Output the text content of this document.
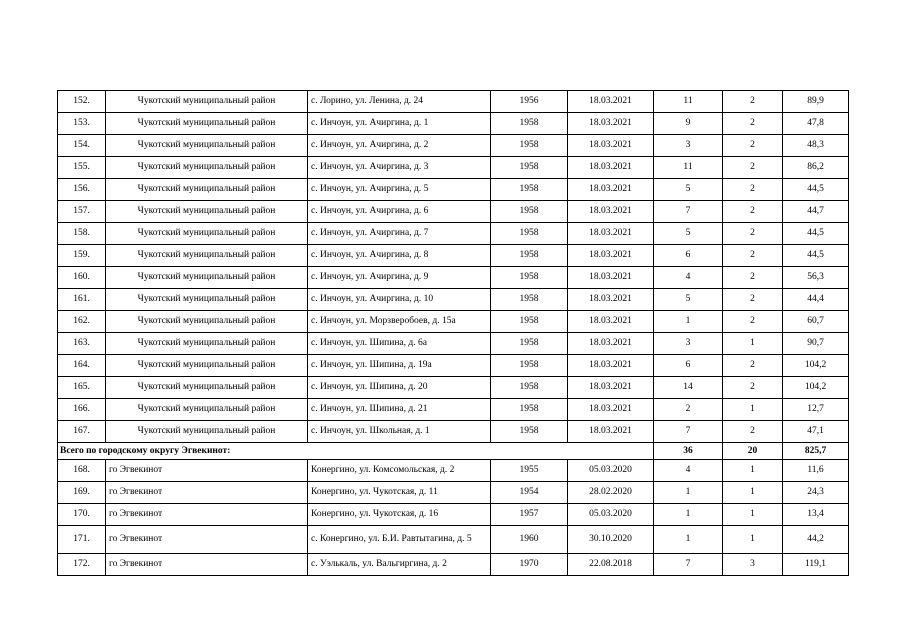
152.	Чукотский муниципальный район	с. Лорино, ул. Ленина, д. 24	1956	18.03.2021	11	2	89,9
153.	Чукотский муниципальный район	с. Инчоун, ул. Ачиргина, д. 1	1958	18.03.2021	9	2	47,8
154.	Чукотский муниципальный район	с. Инчоун, ул. Ачиргина, д. 2	1958	18.03.2021	3	2	48,3
155.	Чукотский муниципальный район	с. Инчоун, ул. Ачиргина, д. 3	1958	18.03.2021	11	2	86,2
156.	Чукотский муниципальный район	с. Инчоун, ул. Ачиргина, д. 5	1958	18.03.2021	5	2	44,5
157.	Чукотский муниципальный район	с. Инчоун, ул. Ачиргина, д. 6	1958	18.03.2021	7	2	44,7
158.	Чукотский муниципальный район	с. Инчоун, ул. Ачиргина, д. 7	1958	18.03.2021	5	2	44,5
159.	Чукотский муниципальный район	с. Инчоун, ул. Ачиргина, д. 8	1958	18.03.2021	6	2	44,5
160.	Чукотский муниципальный район	с. Инчоун, ул. Ачиргина, д. 9	1958	18.03.2021	4	2	56,3
161.	Чукотский муниципальный район	с. Инчоун, ул. Ачиргина, д. 10	1958	18.03.2021	5	2	44,4
162.	Чукотский муниципальный район	с. Инчоун, ул. Морзверобоев, д. 15а	1958	18.03.2021	1	2	60,7
163.	Чукотский муниципальный район	с. Инчоун, ул. Шипина, д. 6а	1958	18.03.2021	3	1	90,7
164.	Чукотский муниципальный район	с. Инчоун, ул. Шипина, д. 19а	1958	18.03.2021	6	2	104,2
165.	Чукотский муниципальный район	с. Инчоун, ул. Шипина, д. 20	1958	18.03.2021	14	2	104,2
166.	Чукотский муниципальный район	с. Инчоун, ул. Шипина, д. 21	1958	18.03.2021	2	1	12,7
167.	Чукотский муниципальный район	с. Инчоун, ул. Школьная, д. 1	1958	18.03.2021	7	2	47,1
Всего по городскому округу Эгвекинот:					36	20	825,7
168.	го Эгвекинот	Конергино, ул. Комсомольская, д. 2	1955	05.03.2020	4	1	11,6
169.	го Эгвекинот	Конергино, ул. Чукотская, д. 11	1954	28.02.2020	1	1	24,3
170.	го Эгвекинот	Конергино, ул. Чукотская, д. 16	1957	05.03.2020	1	1	13,4
171.	го Эгвекинот	с. Конергино, ул. Б.И. Равтытагина, д. 5	1960	30.10.2020	1	1	44,2
172.	го Эгвекинот	с. Уэлькаль, ул. Вальгиргина, д. 2	1970	22.08.2018	7	3	119,1
